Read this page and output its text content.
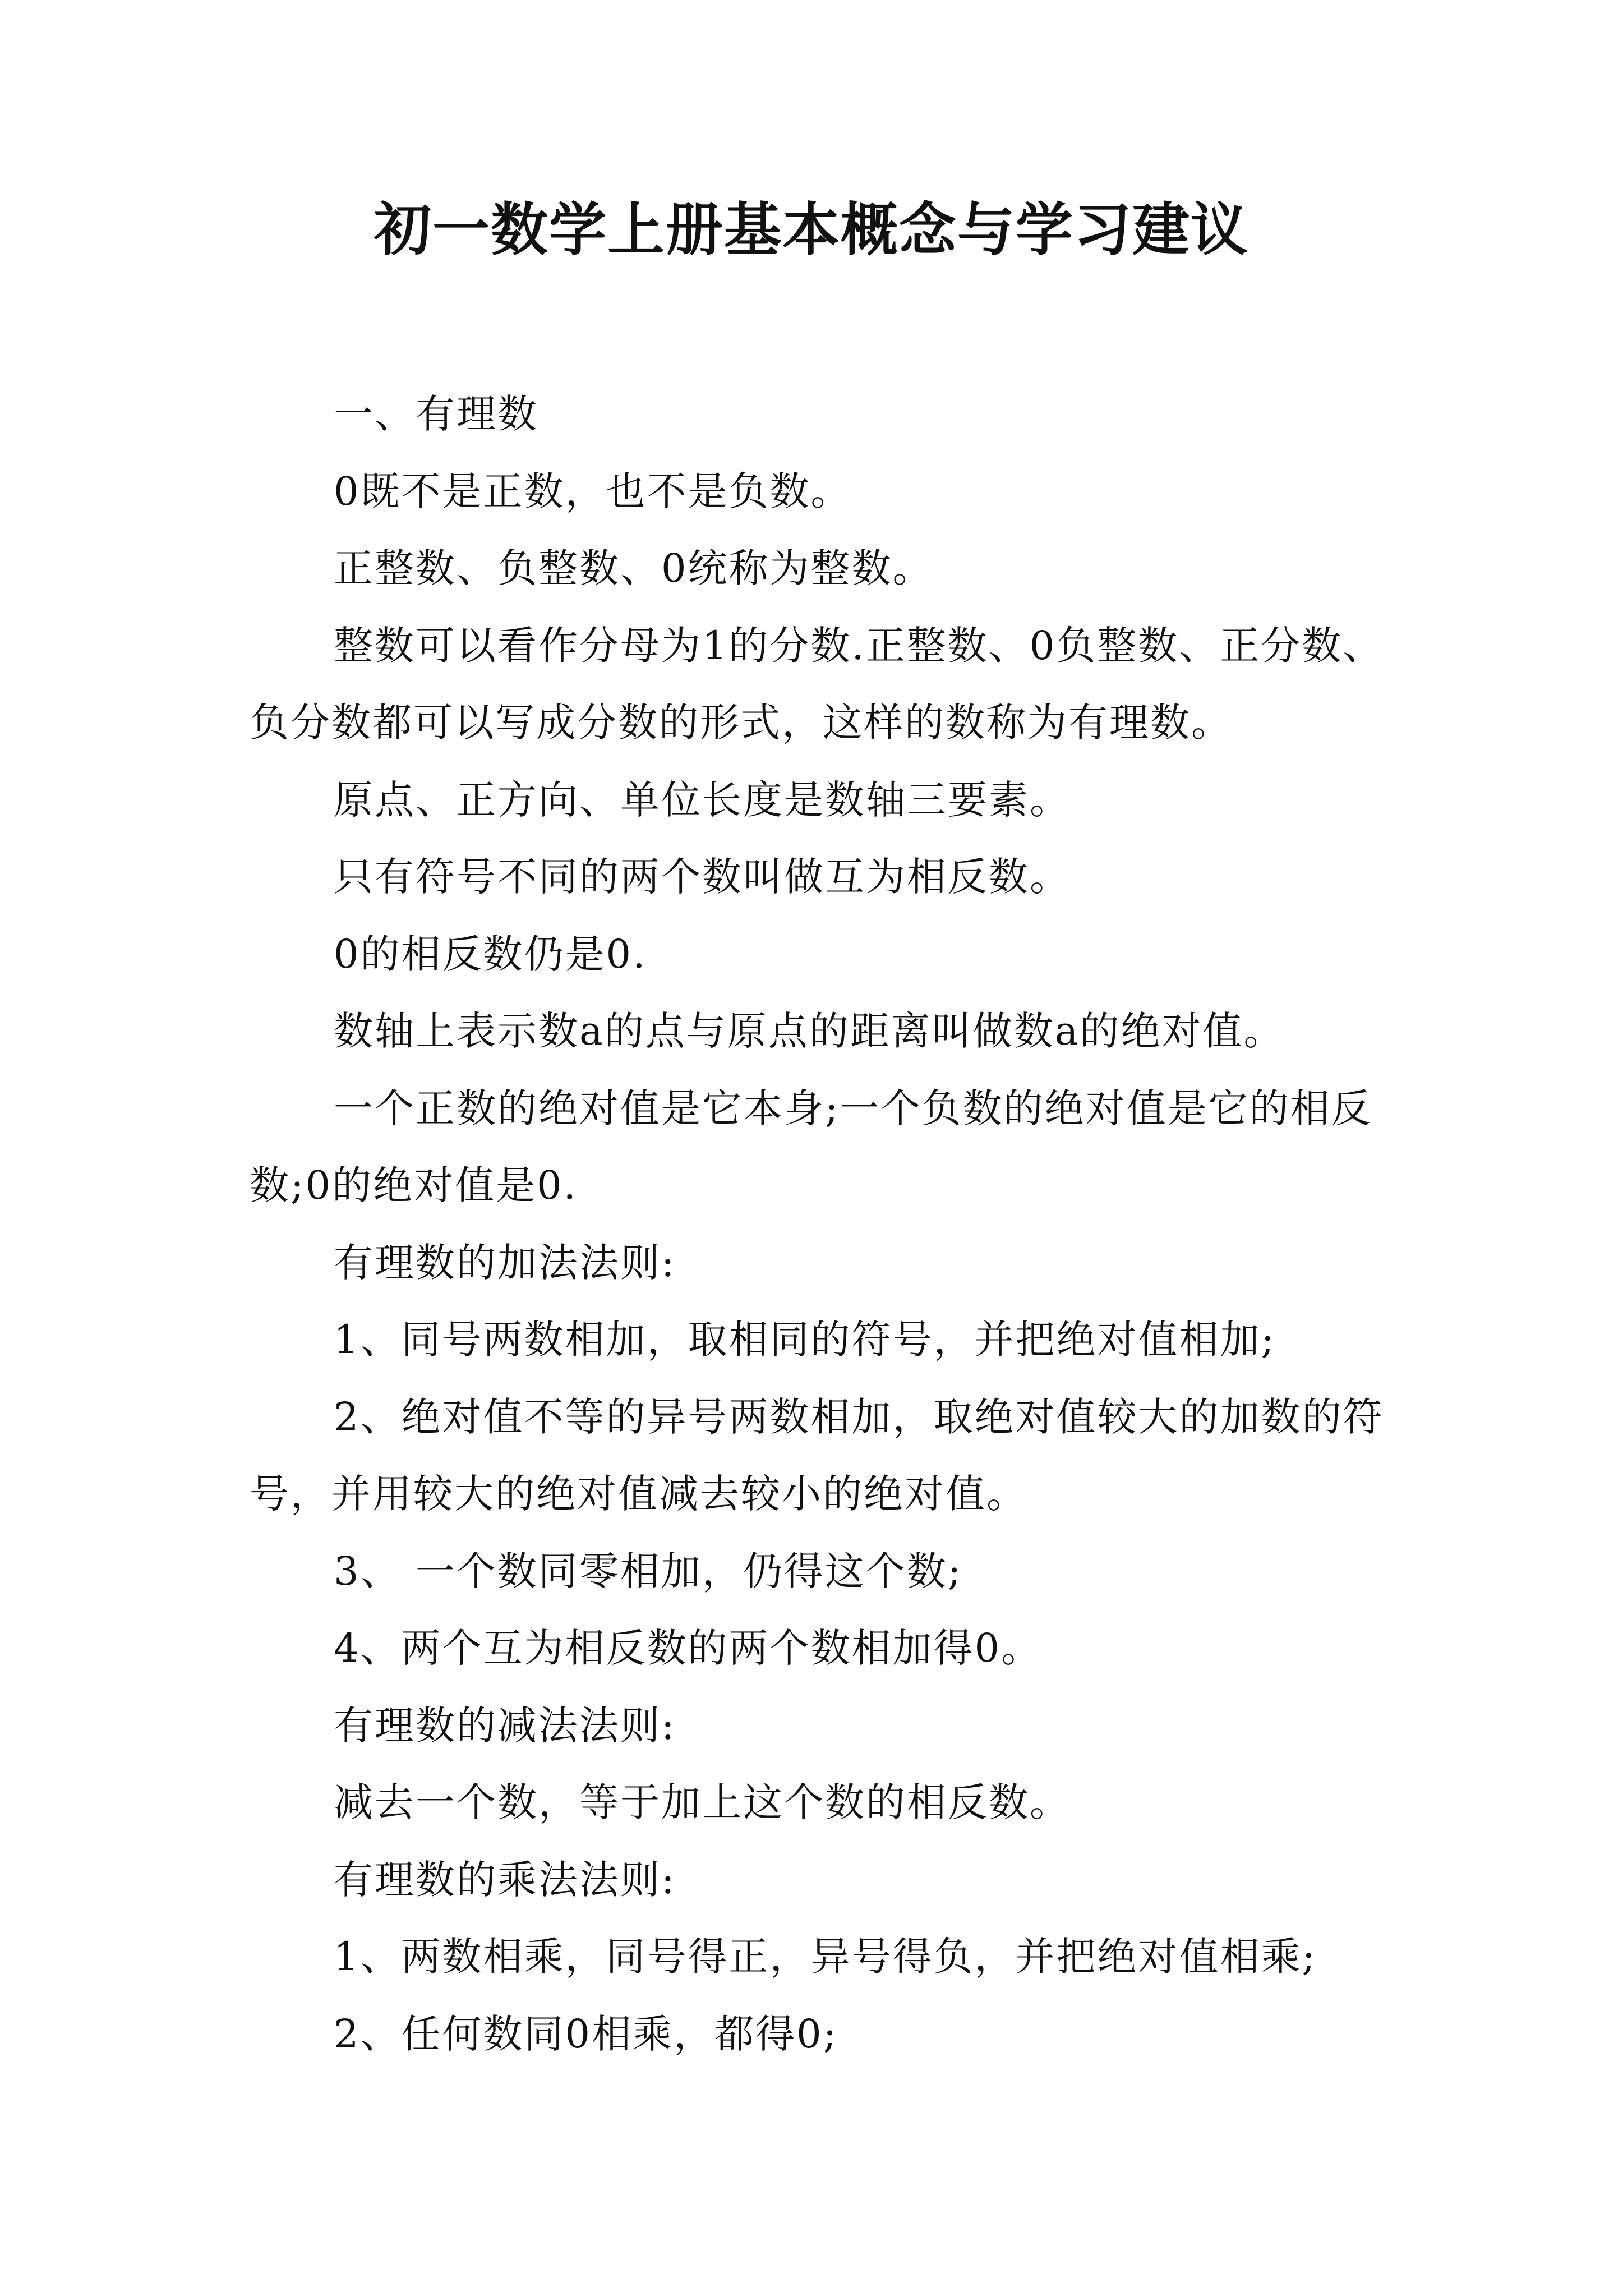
初一数学上册基本概念与学习建议

一、有理数

0既不是正数，也不是负数。

正整数、负整数、0统称为整数。

整数可以看作分母为1的分数.正整数、0负整数、正分数、负分数都可以写成分数的形式，这样的数称为有理数。

原点、正方向、单位长度是数轴三要素。

只有符号不同的两个数叫做互为相反数。

0的相反数仍是0.

数轴上表示数a的点与原点的距离叫做数a的绝对值。

一个正数的绝对值是它本身;一个负数的绝对值是它的相反数;0的绝对值是0.

有理数的加法法则:

1、同号两数相加，取相同的符号，并把绝对值相加;

2、绝对值不等的异号两数相加，取绝对值较大的加数的符号，并用较大的绝对值减去较小的绝对值。

3、 一个数同零相加，仍得这个数;

4、两个互为相反数的两个数相加得0。

有理数的减法法则:

减去一个数，等于加上这个数的相反数。

有理数的乘法法则:

1、两数相乘，同号得正，异号得负，并把绝对值相乘;

2、任何数同0相乘，都得0;
